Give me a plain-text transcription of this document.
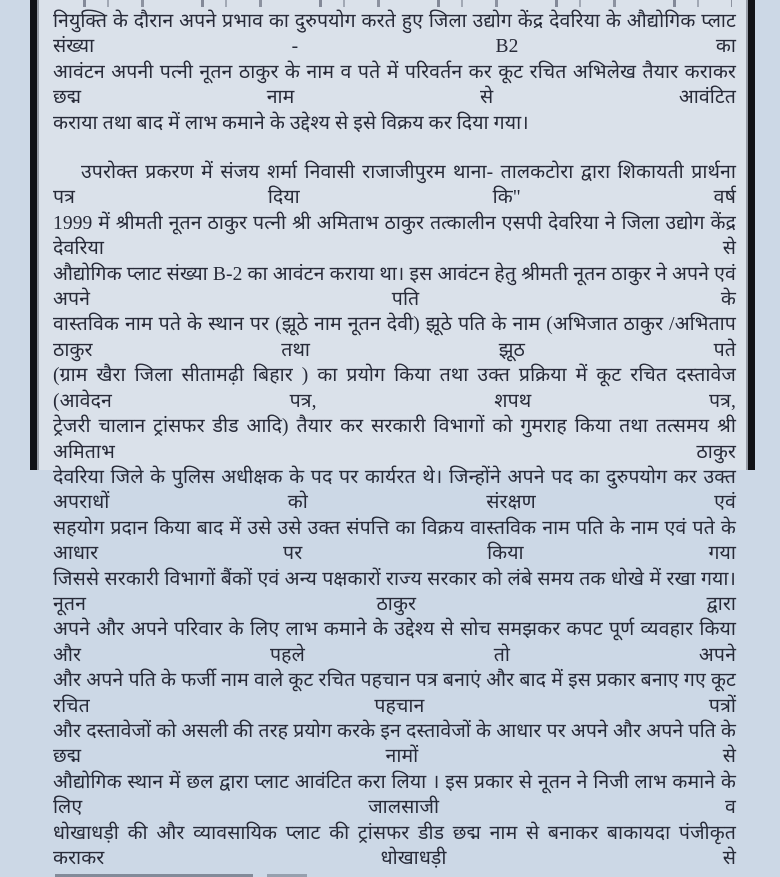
नियुक्ति के दौरान अपने प्रभाव का दुरुपयोग करते हुए जिला उद्योग केंद्र देवरिया के औद्योगिक प्लाट संख्या - B2 का
आवंटन अपनी पत्नी नूतन ठाकुर के नाम व पते में परिवर्तन कर कूट रचित अभिलेख तैयार कराकर छद्म नाम से आवंटित
कराया तथा बाद में लाभ कमाने के उद्देश्य से इसे विक्रय कर दिया गया।
उपरोक्त प्रकरण में संजय शर्मा निवासी राजाजीपुरम थाना- तालकटोरा द्वारा शिकायती प्रार्थना पत्र दिया कि" वर्ष
1999 में श्रीमती नूतन ठाकुर पत्नी श्री अमिताभ ठाकुर तत्कालीन एसपी देवरिया ने जिला उद्योग केंद्र देवरिया से
औद्योगिक प्लाट संख्या B-2 का आवंटन कराया था। इस आवंटन हेतु श्रीमती नूतन ठाकुर ने अपने एवं अपने पति के
वास्तविक नाम पते के स्थान पर (झूठे नाम नूतन देवी) झूठे पति के नाम (अभिजात ठाकुर /अभिताप ठाकुर तथा झूठ पते
(ग्राम खैरा जिला सीतामढ़ी बिहार ) का प्रयोग किया तथा उक्त प्रक्रिया में कूट रचित दस्तावेज (आवेदन पत्र, शपथ पत्र,
ट्रेजरी चालान ट्रांसफर डीड आदि) तैयार कर सरकारी विभागों को गुमराह किया तथा तत्समय श्री अमिताभ ठाकुर
देवरिया जिले के पुलिस अधीक्षक के पद पर कार्यरत थे। जिन्होंने अपने पद का दुरुपयोग कर उक्त अपराधों को संरक्षण एवं
सहयोग प्रदान किया बाद में उसे उसे उक्त संपत्ति का विक्रय वास्तविक नाम पति के नाम एवं पते के आधार पर किया गया
जिससे सरकारी विभागों बैंकों एवं अन्य पक्षकारों राज्य सरकार को लंबे समय तक धोखे में रखा गया। नूतन ठाकुर द्वारा
अपने और अपने परिवार के लिए लाभ कमाने के उद्देश्य से सोच समझकर कपट पूर्ण व्यवहार किया और पहले तो अपने
और अपने पति के फर्जी नाम वाले कूट रचित पहचान पत्र बनाएं और बाद में इस प्रकार बनाए गए कूट रचित पहचान पत्रों
और दस्तावेजों को असली की तरह प्रयोग करके इन दस्तावेजों के आधार पर अपने और अपने पति के छद्म नामों से
औद्योगिक स्थान में छल द्वारा प्लाट आवंटित करा लिया । इस प्रकार से नूतन ने निजी लाभ कमाने के लिए जालसाजी व
धोखाधड़ी की और व्यावसायिक प्लाट की ट्रांसफर डीड छद्म नाम से बनाकर बाकायदा पंजीकृत कराकर धोखाधड़ी से
